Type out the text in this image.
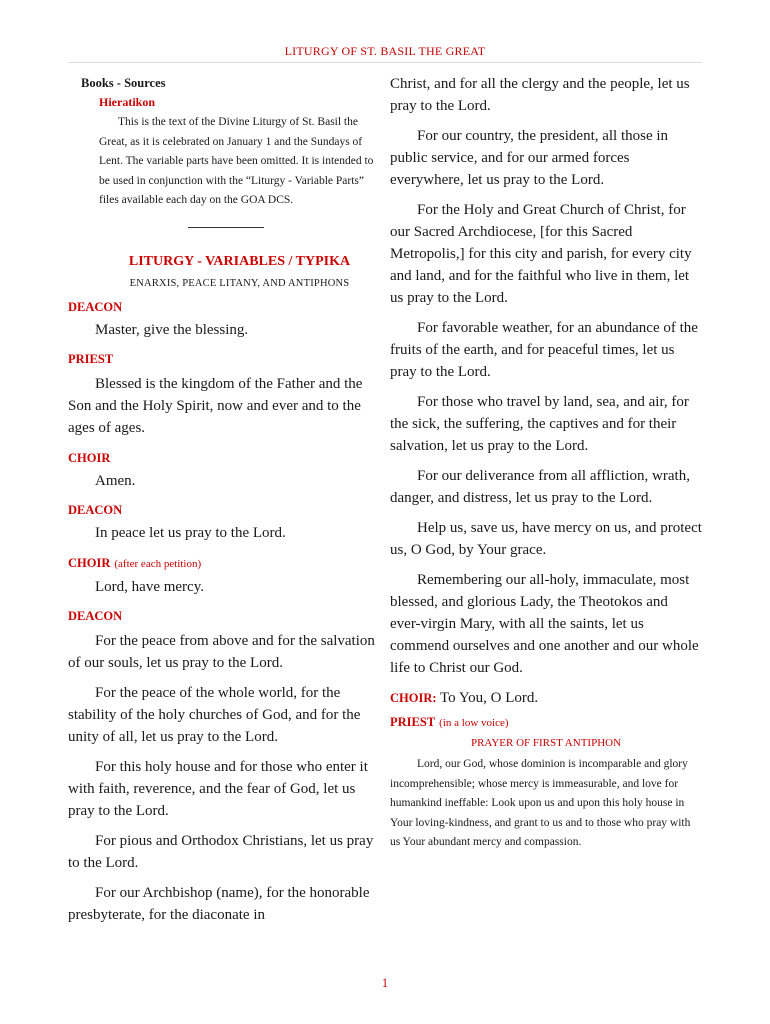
LITURGY OF ST. BASIL THE GREAT
Books - Sources
Hieratikon
This is the text of the Divine Liturgy of St. Basil the Great, as it is celebrated on January 1 and the Sundays of Lent. The variable parts have been omitted. It is intended to be used in conjunction with the “Liturgy - Variable Parts” files available each day on the GOA DCS.
LITURGY - VARIABLES / TYPIKA
ENARXIS, PEACE LITANY, AND ANTIPHONS
DEACON

Master, give the blessing.

PRIEST

Blessed is the kingdom of the Father and the Son and the Holy Spirit, now and ever and to the ages of ages.

CHOIR

Amen.

DEACON

In peace let us pray to the Lord.

CHOIR (after each petition)

Lord, have mercy.

DEACON

For the peace from above and for the salvation of our souls, let us pray to the Lord.

For the peace of the whole world, for the stability of the holy churches of God, and for the unity of all, let us pray to the Lord.

For this holy house and for those who enter it with faith, reverence, and the fear of God, let us pray to the Lord.

For pious and Orthodox Christians, let us pray to the Lord.

For our Archbishop (name), for the honorable presbyterate, for the diaconate in

Christ, and for all the clergy and the people, let us pray to the Lord.

For our country, the president, all those in public service, and for our armed forces everywhere, let us pray to the Lord.

For the Holy and Great Church of Christ, for our Sacred Archdiocese, [for this Sacred Metropolis,] for this city and parish, for every city and land, and for the faithful who live in them, let us pray to the Lord.

For favorable weather, for an abundance of the fruits of the earth, and for peaceful times, let us pray to the Lord.

For those who travel by land, sea, and air, for the sick, the suffering, the captives and for their salvation, let us pray to the Lord.

For our deliverance from all affliction, wrath, danger, and distress, let us pray to the Lord.

Help us, save us, have mercy on us, and protect us, O God, by Your grace.

Remembering our all-holy, immaculate, most blessed, and glorious Lady, the Theotokos and ever-virgin Mary, with all the saints, let us commend ourselves and one another and our whole life to Christ our God.

CHOIR: To You, O Lord.
PRIEST (in a low voice)
PRAYER OF FIRST ANTIPHON
Lord, our God, whose dominion is incomparable and glory incomprehensible; whose mercy is immeasurable, and love for humankind ineffable: Look upon us and upon this holy house in Your loving-kindness, and grant to us and to those who pray with us Your abundant mercy and compassion.
1
